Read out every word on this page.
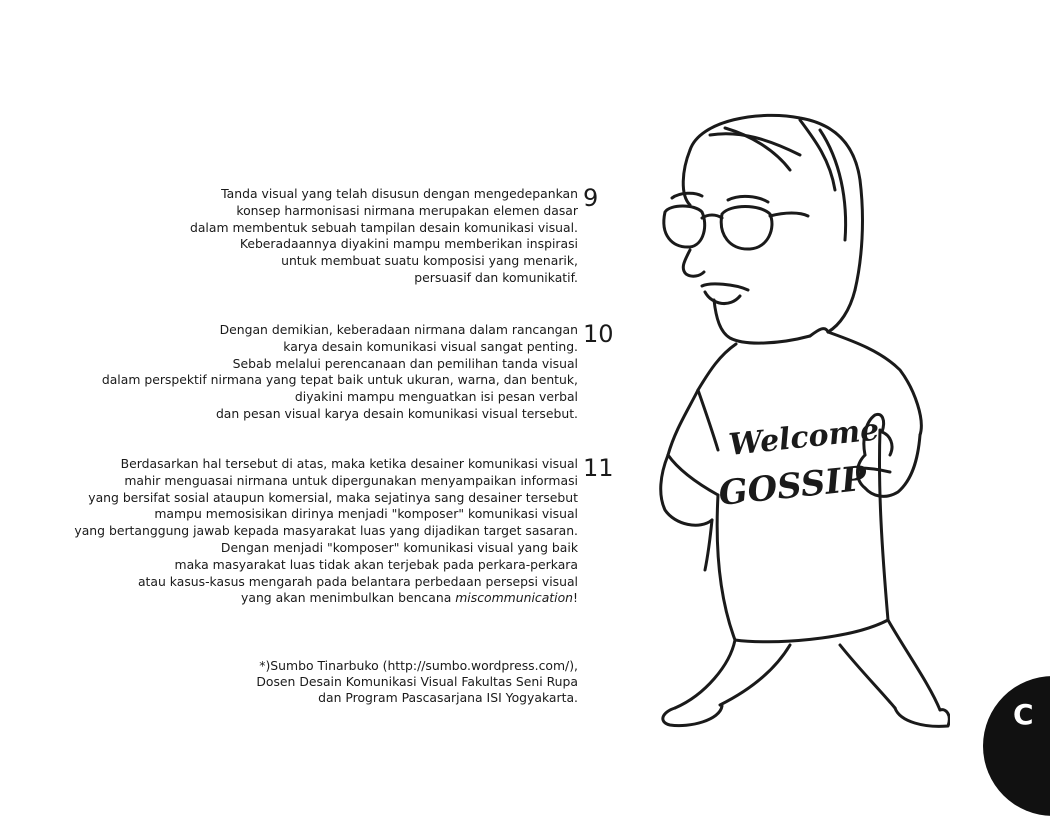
Tanda visual yang telah disusun dengan mengedepankan
konsep harmonisasi nirmana merupakan elemen dasar
dalam membentuk sebuah tampilan desain komunikasi visual.
Keberadaannya diyakini mampu memberikan inspirasi
untuk membuat suatu komposisi yang menarik,
persuasif dan komunikatif.
9
Dengan demikian, keberadaan nirmana dalam rancangan
karya desain komunikasi visual sangat penting.
Sebab melalui perencanaan dan pemilihan tanda visual
dalam perspektif nirmana yang tepat baik untuk ukuran, warna, dan bentuk,
diyakini mampu menguatkan isi pesan verbal
dan pesan visual karya desain komunikasi visual tersebut.
10
Berdasarkan hal tersebut di atas, maka ketika desainer komunikasi visual
mahir menguasai nirmana untuk dipergunakan menyampaikan informasi
yang bersifat sosial ataupun komersial, maka sejatinya sang desainer tersebut
mampu memosisikan dirinya menjadi "komposer" komunikasi visual
yang bertanggung jawab kepada masyarakat luas yang dijadikan target sasaran.
Dengan menjadi "komposer" komunikasi visual yang baik
maka masyarakat luas tidak akan terjebak pada perkara-perkara
atau kasus-kasus mengarah pada belantara perbedaan persepsi visual
yang akan menimbulkan bencana miscommunication!
11
*)Sumbo Tinarbuko (http://sumbo.wordpress.com/),
Dosen Desain Komunikasi Visual Fakultas Seni Rupa
dan Program Pascasarjana ISI Yogyakarta.
Welcome
GOSSIP
C
